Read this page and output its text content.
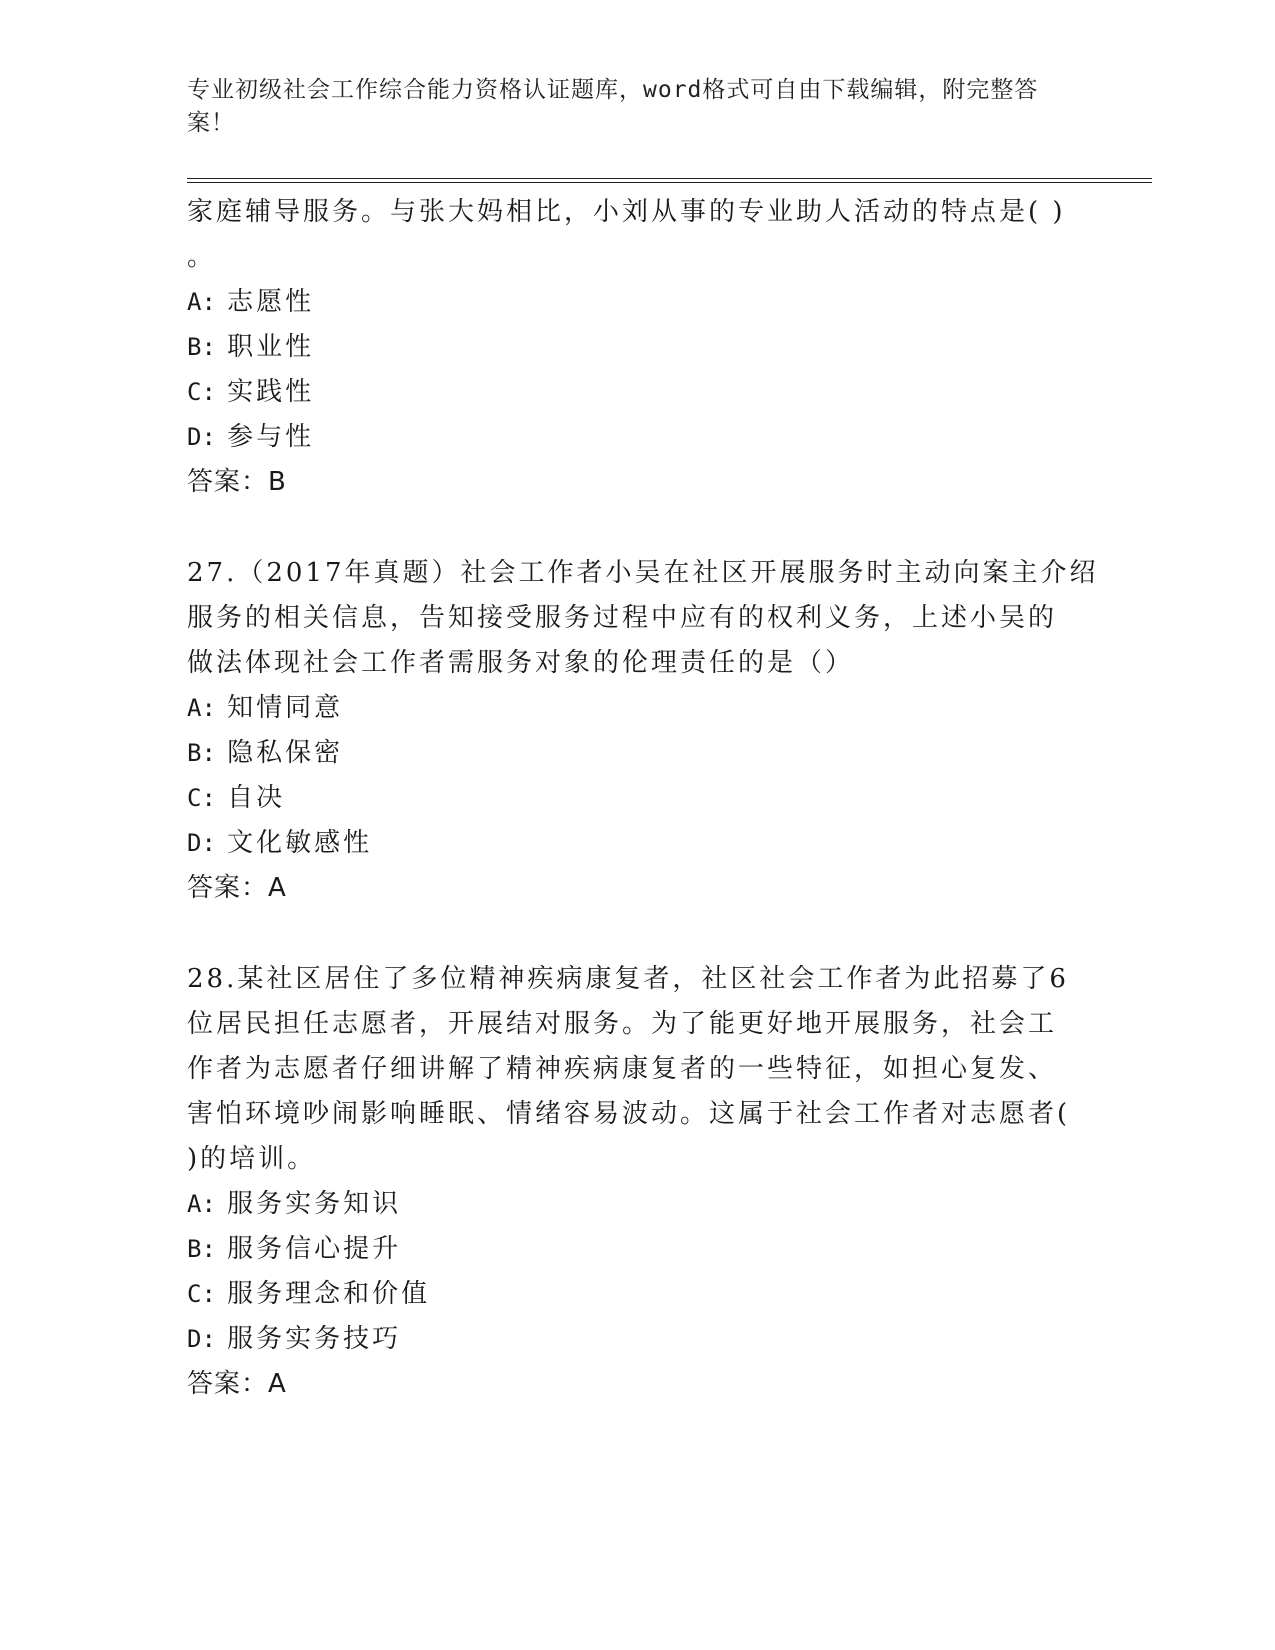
专业初级社会工作综合能力资格认证题库，word格式可自由下载编辑，附完整答
案！
家庭辅导服务。与张大妈相比，小刘从事的专业助人活动的特点是( )
。
A: 志愿性
B: 职业性
C: 实践性
D: 参与性
答案：B
27.（2017年真题）社会工作者小吴在社区开展服务时主动向案主介绍
服务的相关信息，告知接受服务过程中应有的权利义务，上述小吴的
做法体现社会工作者需服务对象的伦理责任的是（）
A: 知情同意
B: 隐私保密
C: 自决
D: 文化敏感性
答案：A
28.某社区居住了多位精神疾病康复者，社区社会工作者为此招募了6
位居民担任志愿者，开展结对服务。为了能更好地开展服务，社会工
作者为志愿者仔细讲解了精神疾病康复者的一些特征，如担心复发、
害怕环境吵闹影响睡眠、情绪容易波动。这属于社会工作者对志愿者(
)的培训。
A: 服务实务知识
B: 服务信心提升
C: 服务理念和价值
D: 服务实务技巧
答案：A
